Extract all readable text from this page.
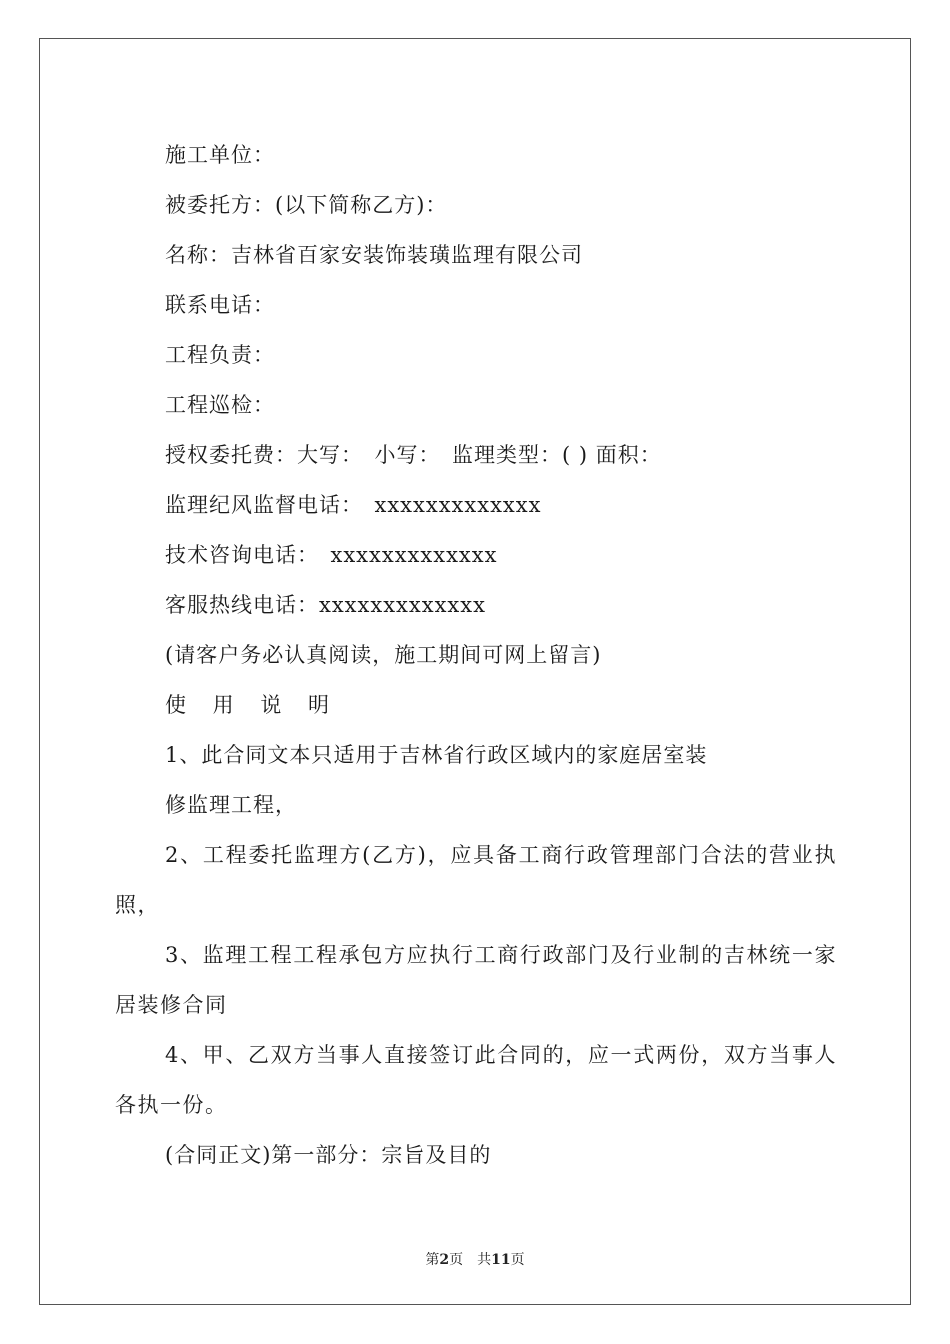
施工单位：
被委托方：(以下简称乙方)：
名称：吉林省百家安装饰装璜监理有限公司
联系电话：
工程负责：
工程巡检：
授权委托费：大写：　小写：　监理类型：( ) 面积：
监理纪风监督电话：　xxxxxxxxxxxxx
技术咨询电话：　xxxxxxxxxxxxx
客服热线电话：xxxxxxxxxxxxx
(请客户务必认真阅读，施工期间可网上留言)
使 用 说 明
1、此合同文本只适用于吉林省行政区域内的家庭居室装
修监理工程，
2、工程委托监理方(乙方)，应具备工商行政管理部门合法的营业执照，
3、监理工程工程承包方应执行工商行政部门及行业制的吉林统一家居装修合同
4、甲、乙双方当事人直接签订此合同的，应一式两份，双方当事人各执一份。
(合同正文)第一部分：宗旨及目的
第2页 共11页
